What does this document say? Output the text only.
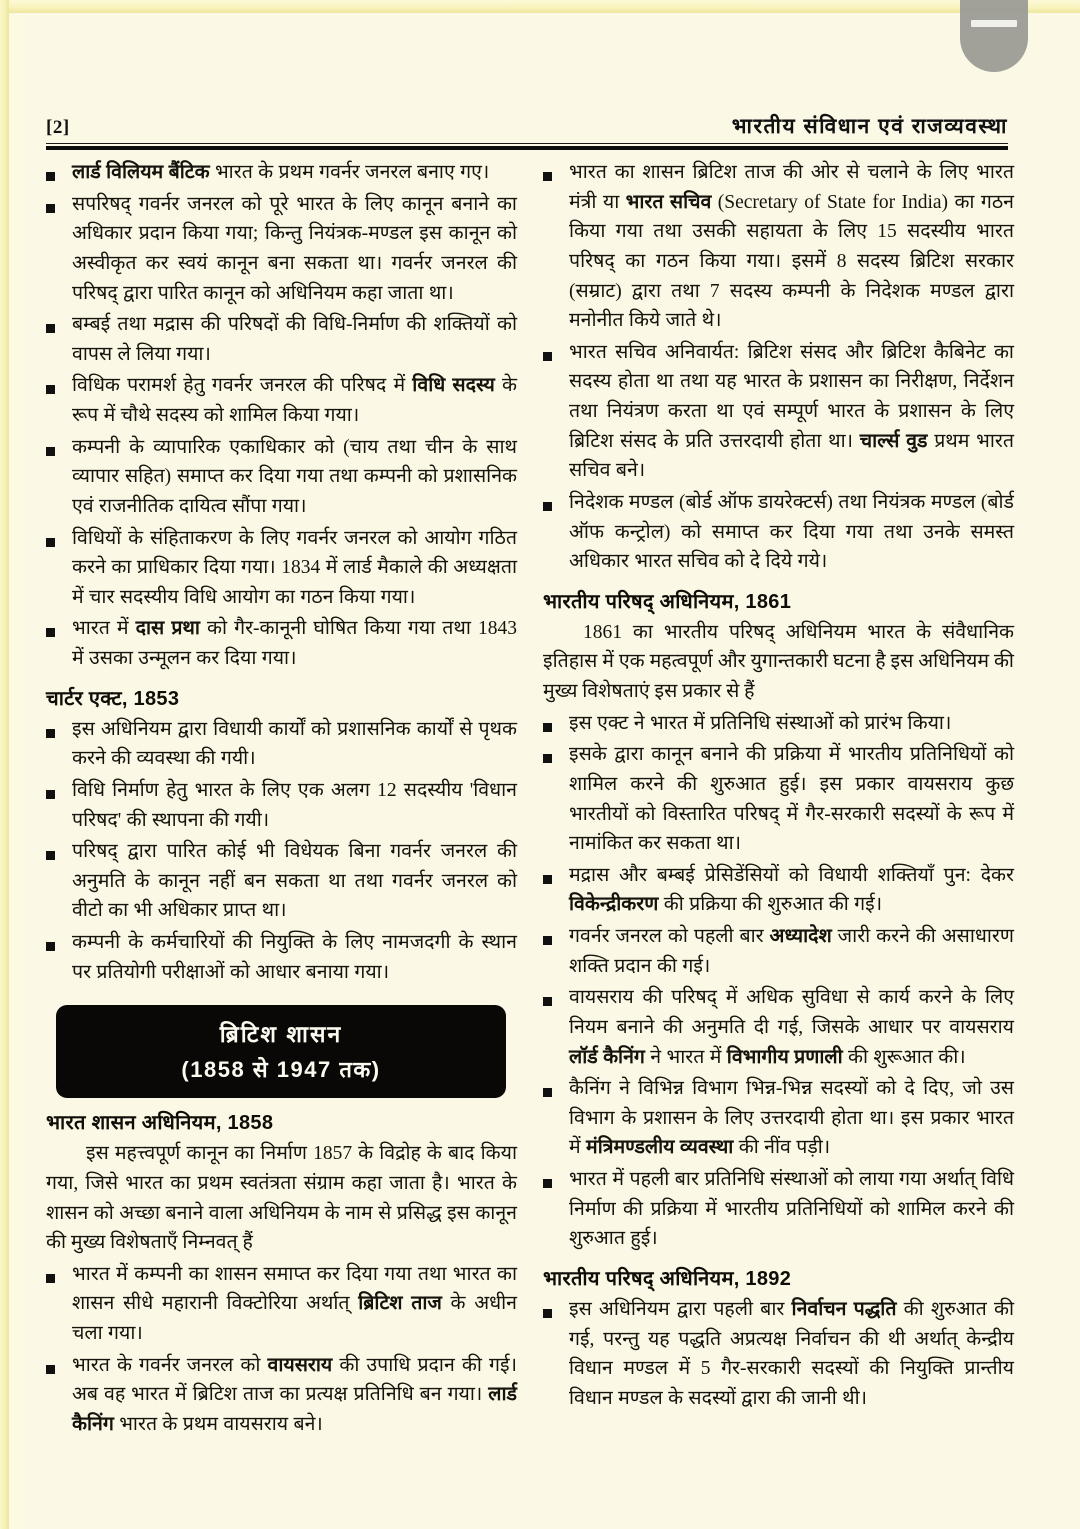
[2]	भारतीय संविधान एवं राजव्यवस्था
लार्ड विलियम बैंटिक भारत के प्रथम गवर्नर जनरल बनाए गए।
सपरिषद् गवर्नर जनरल को पूरे भारत के लिए कानून बनाने का अधिकार प्रदान किया गया; किन्तु नियंत्रक-मण्डल इस कानून को अस्वीकृत कर स्वयं कानून बना सकता था। गवर्नर जनरल की परिषद् द्वारा पारित कानून को अधिनियम कहा जाता था।
बम्बई तथा मद्रास की परिषदों की विधि-निर्माण की शक्तियों को वापस ले लिया गया।
विधिक परामर्श हेतु गवर्नर जनरल की परिषद में विधि सदस्य के रूप में चौथे सदस्य को शामिल किया गया।
कम्पनी के व्यापारिक एकाधिकार को (चाय तथा चीन के साथ व्यापार सहित) समाप्त कर दिया गया तथा कम्पनी को प्रशासनिक एवं राजनीतिक दायित्व सौंपा गया।
विधियों के संहिताकरण के लिए गवर्नर जनरल को आयोग गठित करने का प्राधिकार दिया गया। 1834 में लार्ड मैकाले की अध्यक्षता में चार सदस्यीय विधि आयोग का गठन किया गया।
भारत में दास प्रथा को गैर-कानूनी घोषित किया गया तथा 1843 में उसका उन्मूलन कर दिया गया।
चार्टर एक्ट, 1853
इस अधिनियम द्वारा विधायी कार्यों को प्रशासनिक कार्यों से पृथक करने की व्यवस्था की गयी।
विधि निर्माण हेतु भारत के लिए एक अलग 12 सदस्यीय 'विधान परिषद' की स्थापना की गयी।
परिषद् द्वारा पारित कोई भी विधेयक बिना गवर्नर जनरल की अनुमति के कानून नहीं बन सकता था तथा गवर्नर जनरल को वीटो का भी अधिकार प्राप्त था।
कम्पनी के कर्मचारियों की नियुक्ति के लिए नामजदगी के स्थान पर प्रतियोगी परीक्षाओं को आधार बनाया गया।
ब्रिटिश शासन
(1858 से 1947 तक)
भारत शासन अधिनियम, 1858

इस महत्त्वपूर्ण कानून का निर्माण 1857 के विद्रोह के बाद किया गया, जिसे भारत का प्रथम स्वतंत्रता संग्राम कहा जाता है। भारत के शासन को अच्छा बनाने वाला अधिनियम के नाम से प्रसिद्ध इस कानून की मुख्य विशेषताएँ निम्नवत् हैं

भारत में कम्पनी का शासन समाप्त कर दिया गया तथा भारत का शासन सीधे महारानी विक्टोरिया अर्थात् ब्रिटिश ताज के अधीन चला गया।
भारत के गवर्नर जनरल को वायसराय की उपाधि प्रदान की गई। अब वह भारत में ब्रिटिश ताज का प्रत्यक्ष प्रतिनिधि बन गया। लार्ड कैनिंग भारत के प्रथम वायसराय बने।
भारत का शासन ब्रिटिश ताज की ओर से चलाने के लिए भारत मंत्री या भारत सचिव (Secretary of State for India) का गठन किया गया तथा उसकी सहायता के लिए 15 सदस्यीय भारत परिषद् का गठन किया गया। इसमें 8 सदस्य ब्रिटिश सरकार (सम्राट) द्वारा तथा 7 सदस्य कम्पनी के निदेशक मण्डल द्वारा मनोनीत किये जाते थे।
भारत सचिव अनिवार्यत: ब्रिटिश संसद और ब्रिटिश कैबिनेट का सदस्य होता था तथा यह भारत के प्रशासन का निरीक्षण, निर्देशन तथा नियंत्रण करता था एवं सम्पूर्ण भारत के प्रशासन के लिए ब्रिटिश संसद के प्रति उत्तरदायी होता था। चार्ल्स वुड प्रथम भारत सचिव बने।
निदेशक मण्डल (बोर्ड ऑफ डायरेक्टर्स) तथा नियंत्रक मण्डल (बोर्ड ऑफ कन्ट्रोल) को समाप्त कर दिया गया तथा उनके समस्त अधिकार भारत सचिव को दे दिये गये।
भारतीय परिषद् अधिनियम, 1861

1861 का भारतीय परिषद् अधिनियम भारत के संवैधानिक इतिहास में एक महत्वपूर्ण और युगान्तकारी घटना है इस अधिनियम की मुख्य विशेषताएं इस प्रकार से हैं

इस एक्ट ने भारत में प्रतिनिधि संस्थाओं को प्रारंभ किया।
इसके द्वारा कानून बनाने की प्रक्रिया में भारतीय प्रतिनिधियों को शामिल करने की शुरुआत हुई। इस प्रकार वायसराय कुछ भारतीयों को विस्तारित परिषद् में गैर-सरकारी सदस्यों के रूप में नामांकित कर सकता था।
मद्रास और बम्बई प्रेसिडेंसियों को विधायी शक्तियाँ पुन: देकर विकेन्द्रीकरण की प्रक्रिया की शुरुआत की गई।
गवर्नर जनरल को पहली बार अध्यादेश जारी करने की असाधारण शक्ति प्रदान की गई।
वायसराय की परिषद् में अधिक सुविधा से कार्य करने के लिए नियम बनाने की अनुमति दी गई, जिसके आधार पर वायसराय लॉर्ड कैनिंग ने भारत में विभागीय प्रणाली की शुरूआत की।
कैनिंग ने विभिन्न विभाग भिन्न-भिन्न सदस्यों को दे दिए, जो उस विभाग के प्रशासन के लिए उत्तरदायी होता था। इस प्रकार भारत में मंत्रिमण्डलीय व्यवस्था की नींव पड़ी।
भारत में पहली बार प्रतिनिधि संस्थाओं को लाया गया अर्थात् विधि निर्माण की प्रक्रिया में भारतीय प्रतिनिधियों को शामिल करने की शुरुआत हुई।
भारतीय परिषद् अधिनियम, 1892
इस अधिनियम द्वारा पहली बार निर्वाचन पद्धति की शुरुआत की गई, परन्तु यह पद्धति अप्रत्यक्ष निर्वाचन की थी अर्थात् केन्द्रीय विधान मण्डल में 5 गैर-सरकारी सदस्यों की नियुक्ति प्रान्तीय विधान मण्डल के सदस्यों द्वारा की जानी थी।
